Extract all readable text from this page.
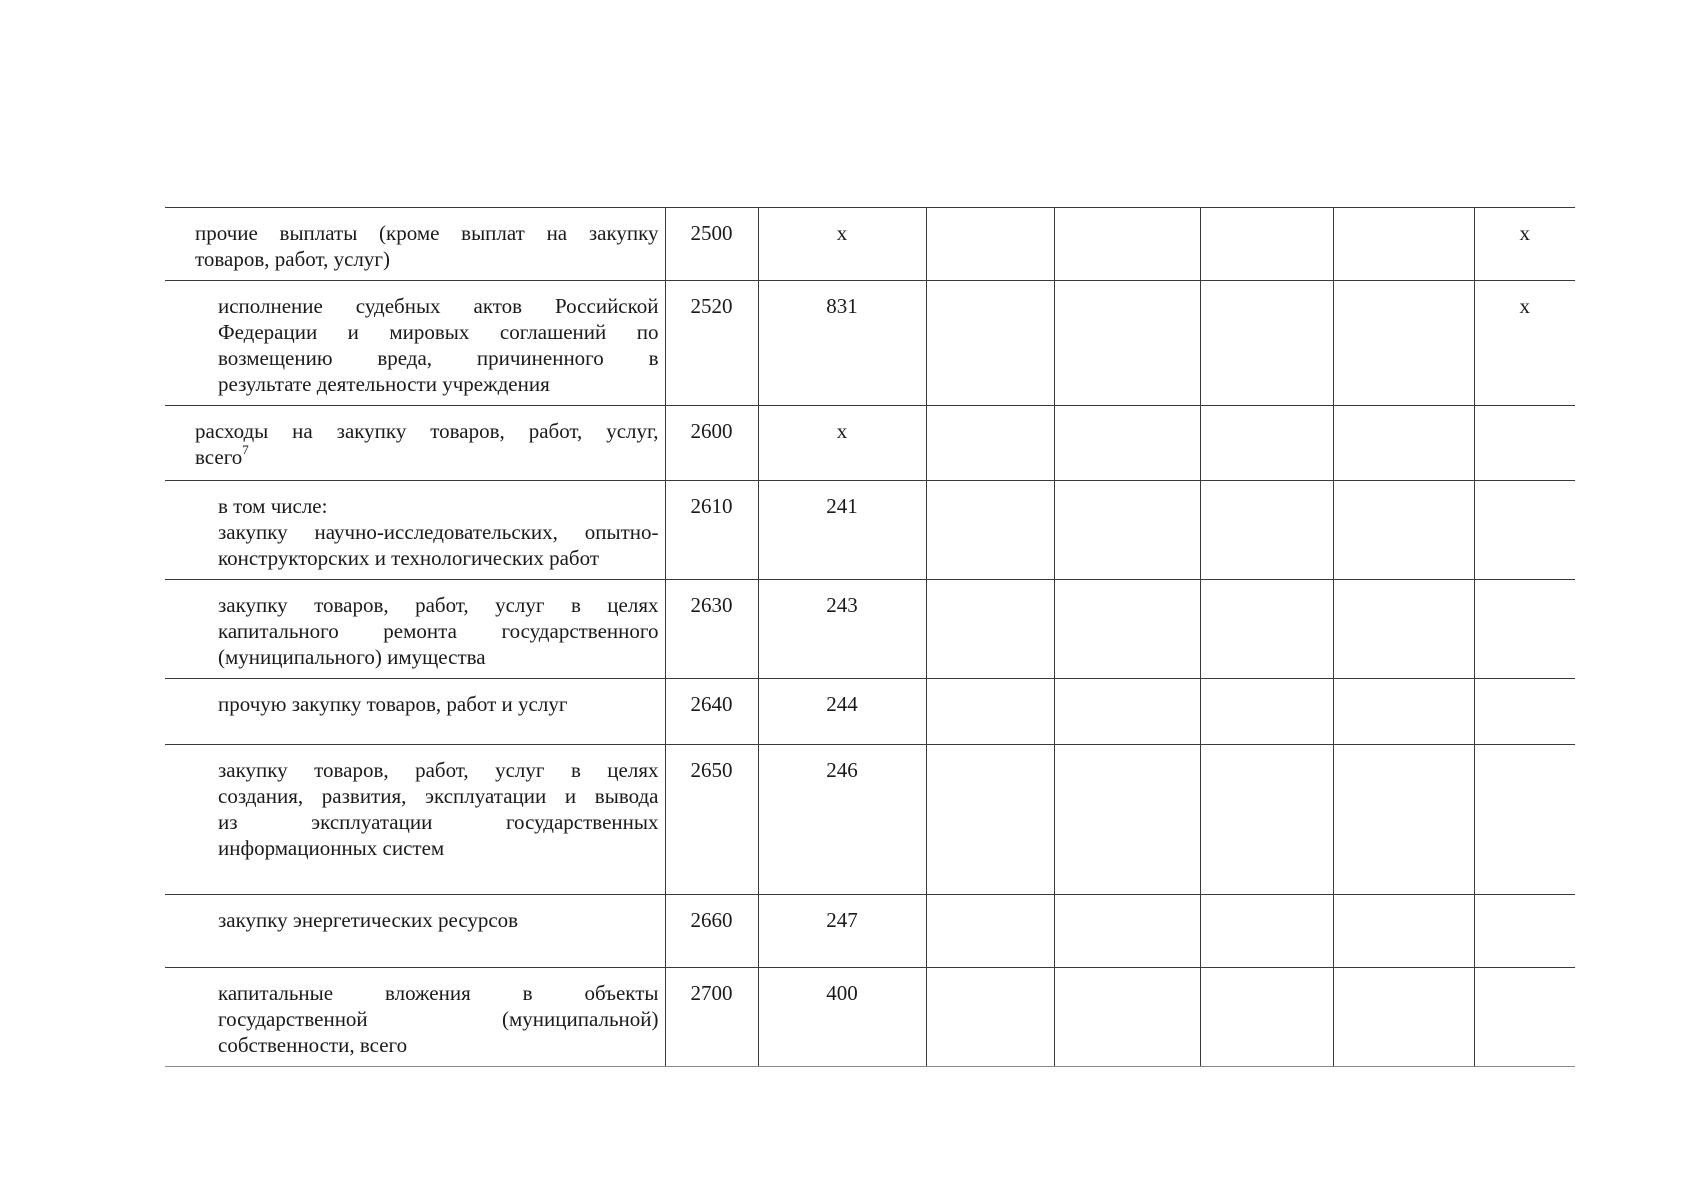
прочие выплаты (кроме выплат на закупку
товаров, работ, услуг)	2500	x					x

исполнение судебных актов Российской
Федерации и мировых соглашений по
возмещению вреда, причиненного в
результате деятельности учреждения	2520	831					x

расходы на закупку товаров, работ, услуг,
всего$^7$	2600	x					

в том числе:
закупку научно-исследовательских, опытно-
конструкторских и технологических работ	2610	241					

закупку товаров, работ, услуг в целях
капитального ремонта государственного
(муниципального) имущества	2630	243					

прочую закупку товаров, работ и услуг	2640	244					

закупку товаров, работ, услуг в целях
создания, развития, эксплуатации и вывода
из эксплуатации государственных
информационных систем	2650	246					

закупку энергетических ресурсов	2660	247					

капитальные вложения в объекты
государственной (муниципальной)
собственности, всего	2700	400					
